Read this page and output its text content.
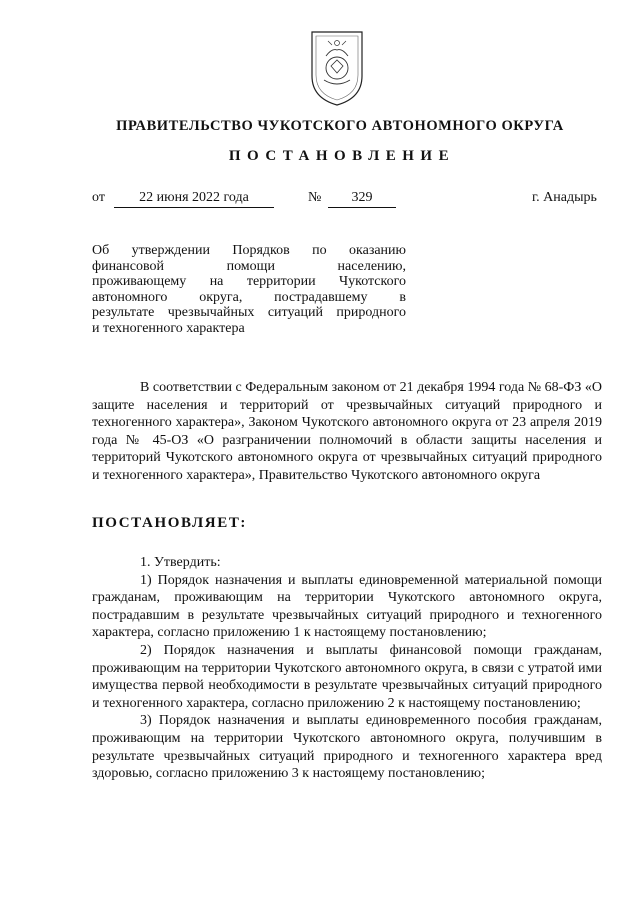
ПРАВИТЕЛЬСТВО ЧУКОТСКОГО АВТОНОМНОГО ОКРУГА
ПОСТАНОВЛЕНИЕ
от	22 июня 2022 года	№	329	г. Анадырь
Об утверждении Порядков по оказанию
финансовой помощи населению,
проживающему на территории Чукотского
автономного округа, пострадавшему в
результате чрезвычайных ситуаций природного
и техногенного характера

В соответствии с Федеральным законом от 21 декабря 1994 года № 68-ФЗ «О защите населения и территорий от чрезвычайных ситуаций природного и техногенного характера», Законом Чукотского автономного округа от 23 апреля 2019 года № 45-ОЗ «О разграничении полномочий в области защиты населения и территорий Чукотского автономного округа от чрезвычайных ситуаций природного и техногенного характера», Правительство Чукотского автономного округа

ПОСТАНОВЛЯЕТ:

1. Утвердить:

1) Порядок назначения и выплаты единовременной материальной помощи гражданам, проживающим на территории Чукотского автономного округа, пострадавшим в результате чрезвычайных ситуаций природного и техногенного характера, согласно приложению 1 к настоящему постановлению;

2) Порядок назначения и выплаты финансовой помощи гражданам, проживающим на территории Чукотского автономного округа, в связи с утратой ими имущества первой необходимости в результате чрезвычайных ситуаций природного и техногенного характера, согласно приложению 2 к настоящему постановлению;

3) Порядок назначения и выплаты единовременного пособия гражданам, проживающим на территории Чукотского автономного округа, получившим в результате чрезвычайных ситуаций природного и техногенного характера вред здоровью, согласно приложению 3 к настоящему постановлению;
